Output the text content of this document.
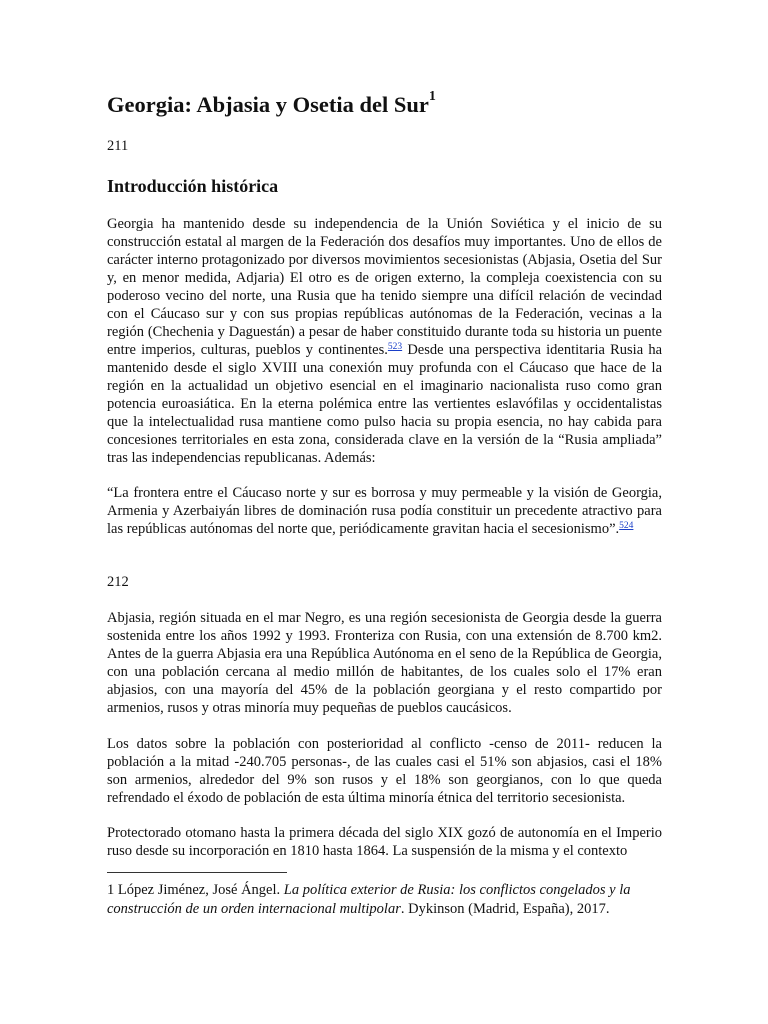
Georgia: Abjasia y Osetia del Sur$^1$

211

Introducción histórica

Georgia ha mantenido desde su independencia de la Unión Soviética y el inicio de su construcción estatal al margen de la Federación dos desafíos muy importantes. Uno de ellos de carácter interno protagonizado por diversos movimientos secesionistas (Abjasia, Osetia del Sur y, en menor medida, Adjaria) El otro es de origen externo, la compleja coexistencia con su poderoso vecino del norte, una Rusia que ha tenido siempre una difícil relación de vecindad con el Cáucaso sur y con sus propias repúblicas autónomas de la Federación, vecinas a la región (Chechenia y Daguestán) a pesar de haber constituido durante toda su historia un puente entre imperios, culturas, pueblos y continentes.$^{523}$ Desde una perspectiva identitaria Rusia ha mantenido desde el siglo XVIII una conexión muy profunda con el Cáucaso que hace de la región en la actualidad un objetivo esencial en el imaginario nacionalista ruso como gran potencia euroasiática. En la eterna polémica entre las vertientes eslavófilas y occidentalistas que la intelectualidad rusa mantiene como pulso hacia su propia esencia, no hay cabida para concesiones territoriales en esta zona, considerada clave en la versión de la “Rusia ampliada” tras las independencias republicanas. Además:

“La frontera entre el Cáucaso norte y sur es borrosa y muy permeable y la visión de Georgia, Armenia y Azerbaiyán libres de dominación rusa podía constituir un precedente atractivo para las repúblicas autónomas del norte que, periódicamente gravitan hacia el secesionismo”.$^{524}$

212

Abjasia, región situada en el mar Negro, es una región secesionista de Georgia desde la guerra sostenida entre los años 1992 y 1993. Fronteriza con Rusia, con una extensión de 8.700 km2. Antes de la guerra Abjasia era una República Autónoma en el seno de la República de Georgia, con una población cercana al medio millón de habitantes, de los cuales solo el 17% eran abjasios, con una mayoría del 45% de la población georgiana y el resto compartido por armenios, rusos y otras minoría muy pequeñas de pueblos caucásicos.

Los datos sobre la población con posterioridad al conflicto -censo de 2011- reducen la población a la mitad -240.705 personas-, de las cuales casi el 51% son abjasios, casi el 18% son armenios, alrededor del 9% son rusos y el 18% son georgianos, con lo que queda refrendado el éxodo de población de esta última minoría étnica del territorio secesionista.

Protectorado otomano hasta la primera década del siglo XIX gozó de autonomía en el Imperio ruso desde su incorporación en 1810 hasta 1864. La suspensión de la misma y el contexto

1 López Jiménez, José Ángel. La política exterior de Rusia: los conflictos congelados y la construcción de un orden internacional multipolar. Dykinson (Madrid, España), 2017.
